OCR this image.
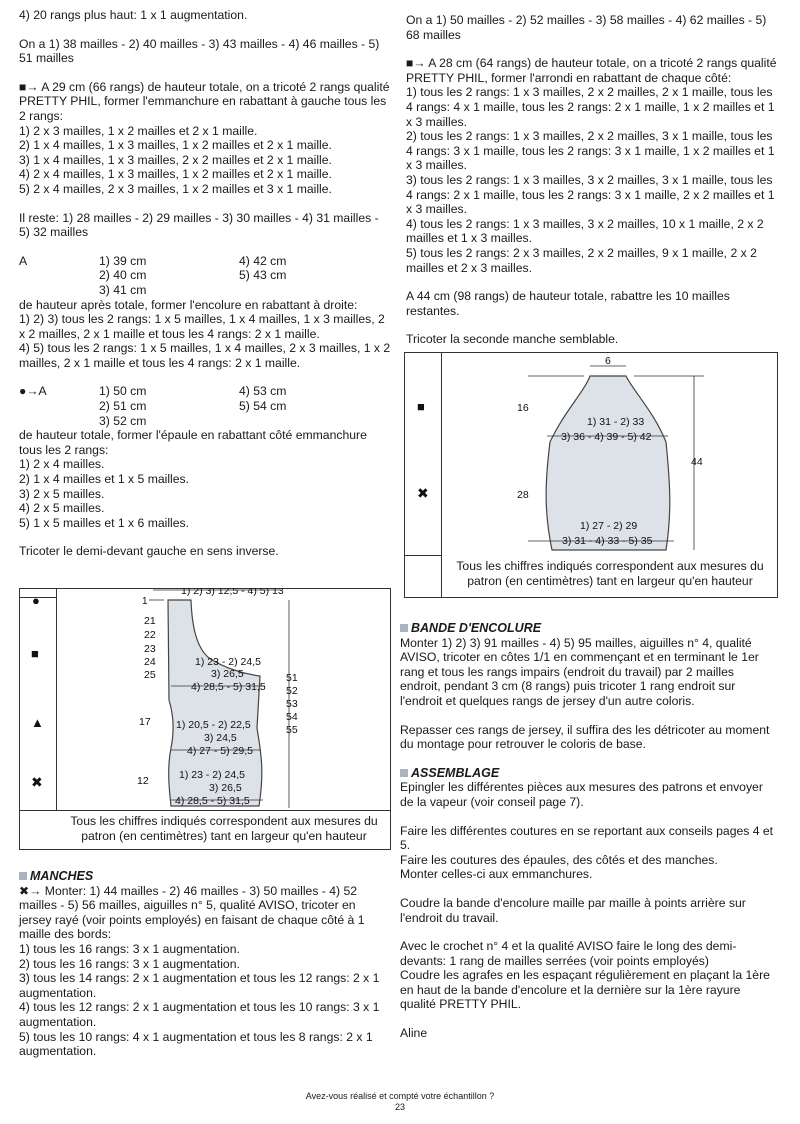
4) 20 rangs plus haut: 1 x 1 augmentation.

On a 1) 38 mailles - 2) 40 mailles - 3) 43 mailles - 4) 46 mailles - 5) 51 mailles

■→ A 29 cm (66 rangs) de hauteur totale, on a tricoté 2 rangs qualité PRETTY PHIL, former l'emmanchure en rabattant à gauche tous les 2 rangs:

1) 2 x 3 mailles, 1 x 2 mailles et 2 x 1 maille.

2) 1 x 4 mailles, 1 x 3 mailles, 1 x 2 mailles et 2 x 1 maille.

3) 1 x 4 mailles, 1 x 3 mailles, 2 x 2 mailles et 2 x 1 maille.

4) 2 x 4 mailles, 1 x 3 mailles, 1 x 2 mailles et 2 x 1 maille.

5) 2 x 4 mailles, 2 x 3 mailles, 1 x 2 mailles et 3 x 1 maille.

Il reste: 1) 28 mailles - 2) 29 mailles - 3) 30 mailles - 4) 31 mailles - 5) 32 mailles

A	1) 39 cm	4) 42 cm
2) 40 cm	5) 43 cm
3) 41 cm

de hauteur après totale, former l'encolure en rabattant à droite:

1) 2) 3) tous les 2 rangs: 1 x 5 mailles, 1 x 4 mailles, 1 x 3 mailles, 2 x 2 mailles, 2 x 1 maille et tous les 4 rangs: 2 x 1 maille.

4) 5) tous les 2 rangs: 1 x 5 mailles, 1 x 4 mailles, 2 x 3 mailles, 1 x 2 mailles, 2 x 1 maille et tous les 4 rangs: 2 x 1 maille.

●→A	1) 50 cm	4) 53 cm
2) 51 cm	5) 54 cm
3) 52 cm

de hauteur totale, former l'épaule en rabattant côté emmanchure tous les 2 rangs:

1) 2 x 4 mailles.

2) 1 x 4 mailles et 1 x 5 mailles.

3) 2 x 5 mailles.

4) 2 x 5 mailles.

5) 1 x 5 mailles et 1 x 6 mailles.

Tricoter le demi-devant gauche en sens inverse.

1) 2) 3) 12,5 - 4) 5) 13
1
21
22
23
24
25
1) 23 - 2) 24,5
3) 26,5
4) 28,5 - 5) 31,5
51
52
53
54
55
17 1) 20,5 - 2) 22,5
3) 24,5
4) 27 - 5) 29,5
12	1) 23 - 2) 24,5
3) 26,5
4) 28,5 - 5) 31,5
●
■
▲
✖
Tous les chiffres indiqués correspondent aux mesures du patron (en centimètres) tant en largeur qu'en hauteur

MANCHES

✖→ Monter: 1) 44 mailles - 2) 46 mailles - 3) 50 mailles - 4) 52 mailles - 5) 56 mailles, aiguilles n° 5, qualité AVISO, tricoter en jersey rayé (voir points employés) en faisant de chaque côté à 1 maille des bords:

1) tous les 16 rangs: 3 x 1 augmentation.

2) tous les 16 rangs: 3 x 1 augmentation.

3) tous les 14 rangs: 2 x 1 augmentation et tous les 12 rangs: 2 x 1 augmentation.

4) tous les 12 rangs: 2 x 1 augmentation et tous les 10 rangs: 3 x 1 augmentation.

5) tous les 10 rangs: 4 x 1 augmentation et tous les 8 rangs: 2 x 1 augmentation.

On a 1) 50 mailles - 2) 52 mailles - 3) 58 mailles - 4) 62 mailles - 5) 68 mailles

■→ A 28 cm (64 rangs) de hauteur totale, on a tricoté 2 rangs qualité PRETTY PHIL, former l'arrondi en rabattant de chaque côté:

1) tous les 2 rangs: 1 x 3 mailles, 2 x 2 mailles, 2 x 1 maille, tous les 4 rangs: 4 x 1 maille, tous les 2 rangs: 2 x 1 maille, 1 x 2 mailles et 1 x 3 mailles.

2) tous les 2 rangs: 1 x 3 mailles, 2 x 2 mailles, 3 x 1 maille, tous les 4 rangs: 3 x 1 maille, tous les 2 rangs: 3 x 1 maille, 1 x 2 mailles et 1 x 3 mailles.

3) tous les 2 rangs: 1 x 3 mailles, 3 x 2 mailles, 3 x 1 maille, tous les 4 rangs: 2 x 1 maille, tous les 2 rangs: 3 x 1 maille, 2 x 2 mailles et 1 x 3 mailles.

4) tous les 2 rangs: 1 x 3 mailles, 3 x 2 mailles, 10 x 1 maille, 2 x 2 mailles et 1 x 3 mailles.

5) tous les 2 rangs: 2 x 3 mailles, 2 x 2 mailles, 9 x 1 maille, 2 x 2 mailles et 2 x 3 mailles.

A 44 cm (98 rangs) de hauteur totale, rabattre les 10 mailles restantes.

Tricoter la seconde manche semblable.

6
16
1) 31 - 2) 33
3) 36 - 4) 39 - 5) 42
44
28
1) 27 - 2) 29
3) 31 - 4) 33 - 5) 35
■
✖
Tous les chiffres indiqués correspondent aux mesures du patron (en centimètres) tant en largeur qu'en hauteur

BANDE D'ENCOLURE

Monter 1) 2) 3) 91 mailles - 4) 5) 95 mailles, aiguilles n° 4, qualité AVISO, tricoter en côtes 1/1 en commençant et en terminant le 1er rang et tous les rangs impairs (endroit du travail) par 2 mailles endroit, pendant 3 cm (8 rangs) puis tricoter 1 rang endroit sur l'endroit et quelques rangs de jersey d'un autre coloris.

Repasser ces rangs de jersey, il suffira des les détricoter au moment du montage pour retrouver le coloris de base.

ASSEMBLAGE

Epingler les différentes pièces aux mesures des patrons et envoyer de la vapeur (voir conseil page 7).

Faire les différentes coutures en se reportant aux conseils pages 4 et 5.

Faire les coutures des épaules, des côtés et des manches.

Monter celles-ci aux emmanchures.

Coudre la bande d'encolure maille par maille à points arrière sur l'endroit du travail.

Avec le crochet n° 4 et la qualité AVISO faire le long des demi-devants: 1 rang de mailles serrées (voir points employés)

Coudre les agrafes en les espaçant régulièrement en plaçant la 1ère en haut de la bande d'encolure et la dernière sur la 1ère rayure qualité PRETTY PHIL.

Aline

Avez-vous réalisé et compté votre échantillon ?
23
